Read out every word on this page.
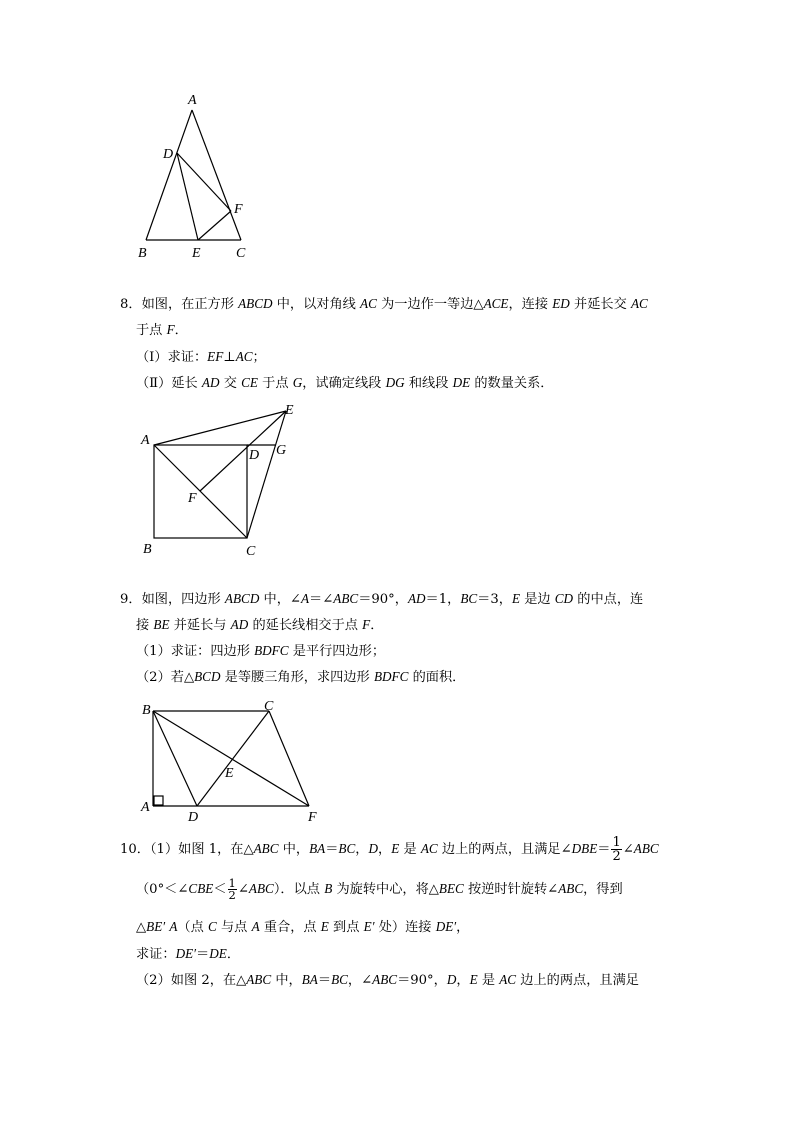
A
B	C
D
E
F
8．如图，在正方形 ABCD 中，以对角线 AC 为一边作一等边△ACE，连接 ED 并延长交 AC
于点 F．
（Ⅰ）求证：EF⊥AC；
（Ⅱ）延长 AD 交 CE 于点 G，试确定线段 DG 和线段 DE 的数量关系．
A
B	C
D
E
F
G
9．如图，四边形 ABCD 中，∠A＝∠ABC＝90°，AD＝1，BC＝3，E 是边 CD 的中点，连
接 BE 并延长与 AD 的延长线相交于点 F．
（1）求证：四边形 BDFC 是平行四边形；
（2）若△BCD 是等腰三角形，求四边形 BDFC 的面积．
B	C
A
D
E
F
10．（1）如图 1，在△ABC 中，BA＝BC，D，E 是 AC 边上的两点，且满足∠DBE＝ $\frac{1}{2}$ ∠ABC
（0°＜∠CBE＜ $\frac{1}{2}$ ∠ABC）．以点 B 为旋转中心，将△BEC 按逆时针旋转∠ABC，得到
△BE′ A（点 C 与点 A 重合，点 E 到点 E′ 处）连接 DE′，
求证：DE′＝DE．
（2）如图 2，在△ABC 中，BA＝BC，∠ABC＝90°，D，E 是 AC 边上的两点，且满足
